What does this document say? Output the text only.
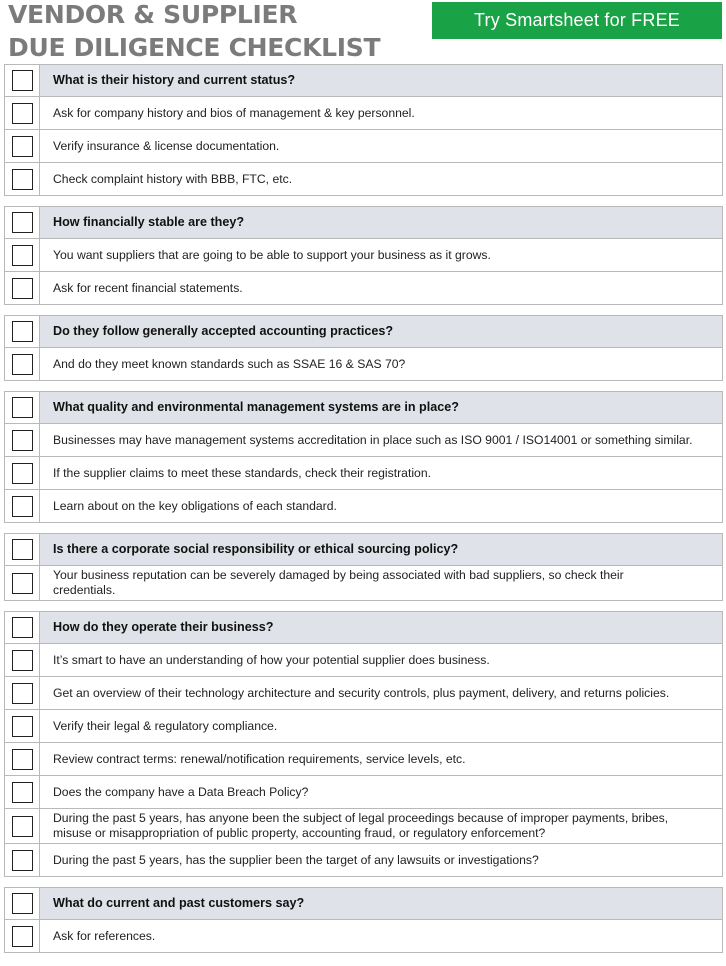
VENDOR & SUPPLIER
DUE DILIGENCE CHECKLIST
Try Smartsheet for FREE
What is their history and current status?
Ask for company history and bios of management & key personnel.
Verify insurance & license documentation.
Check complaint history with BBB, FTC, etc.
How financially stable are they?
You want suppliers that are going to be able to support your business as it grows.
Ask for recent financial statements.
Do they follow generally accepted accounting practices?
And do they meet known standards such as SSAE 16 & SAS 70?
What quality and environmental management systems are in place?
Businesses may have management systems accreditation in place such as ISO 9001 / ISO14001 or something similar.
If the supplier claims to meet these standards, check their registration.
Learn about on the key obligations of each standard.
Is there a corporate social responsibility or ethical sourcing policy?
Your business reputation can be severely damaged by being associated with bad suppliers, so check their
credentials.
How do they operate their business?
It’s smart to have an understanding of how your potential supplier does business.
Get an overview of their technology architecture and security controls, plus payment, delivery, and returns policies.
Verify their legal & regulatory compliance.
Review contract terms: renewal/notification requirements, service levels, etc.
Does the company have a Data Breach Policy?
During the past 5 years, has anyone been the subject of legal proceedings because of improper payments, bribes,
misuse or misappropriation of public property, accounting fraud, or regulatory enforcement?
During the past 5 years, has the supplier been the target of any lawsuits or investigations?
What do current and past customers say?
Ask for references.
